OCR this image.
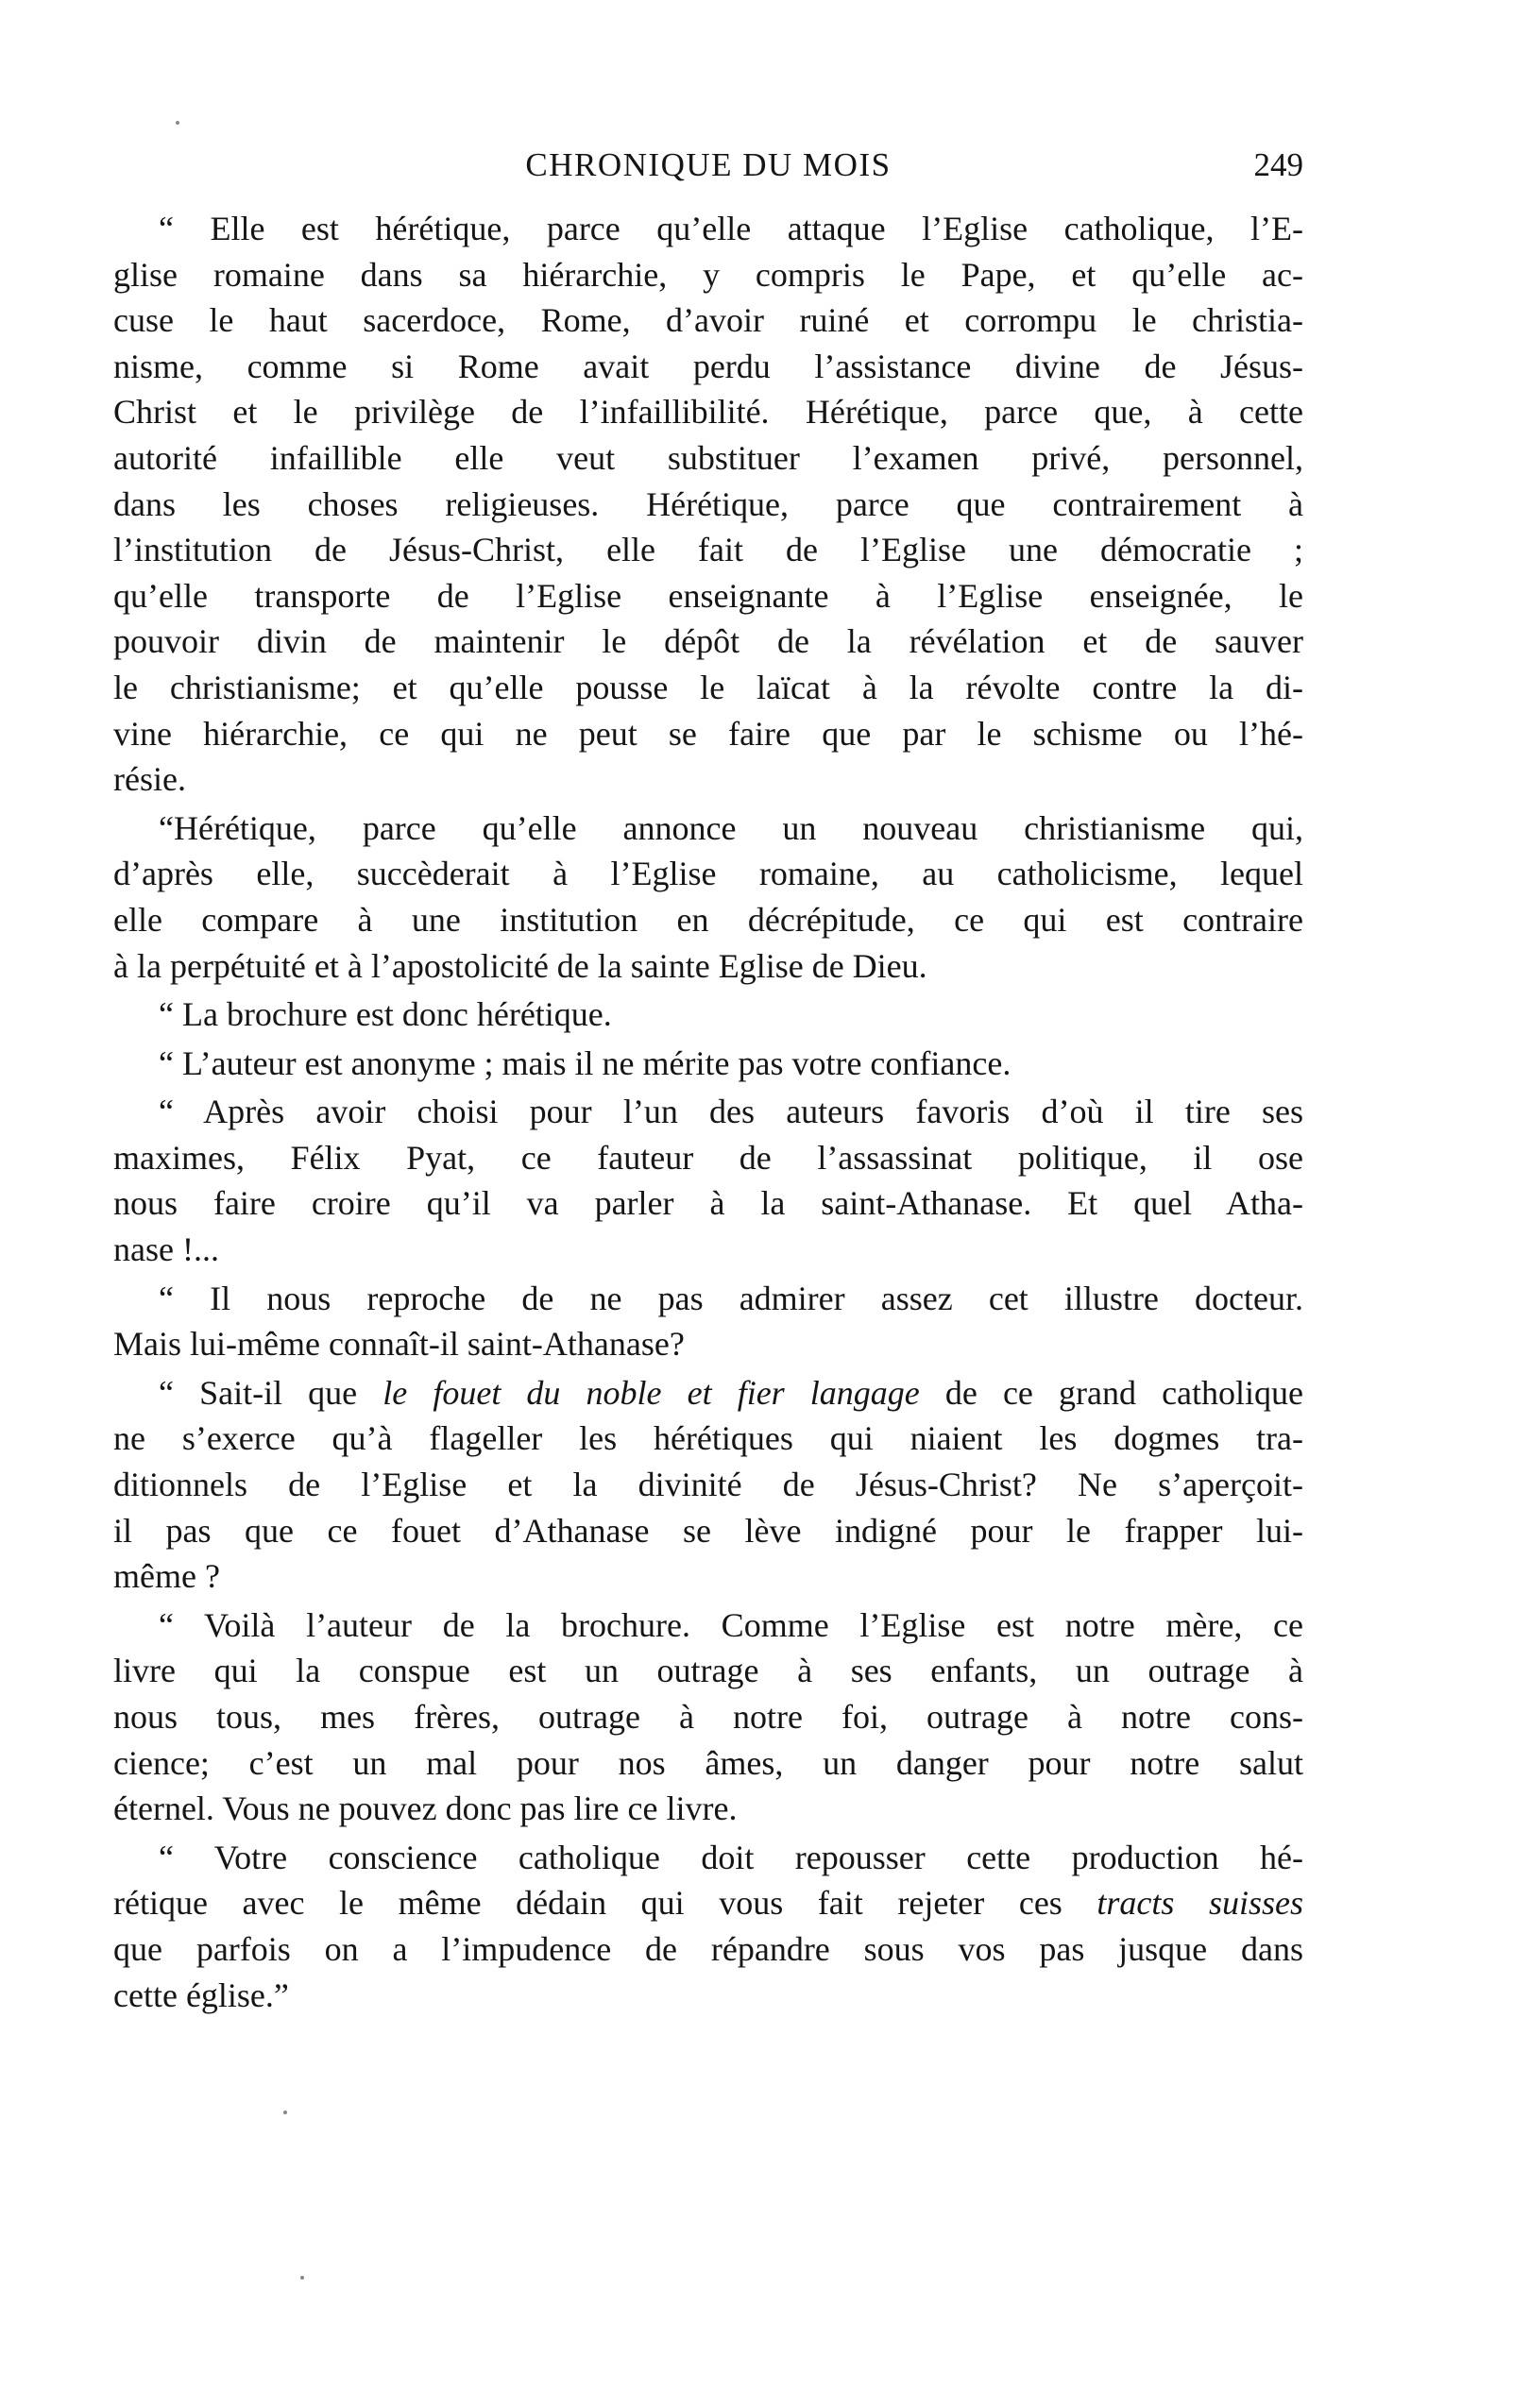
CHRONIQUE DU MOIS	249

“ Elle est hérétique, parce qu’elle attaque l’Eglise catholique, l’E-
glise romaine dans sa hiérarchie, y compris le Pape, et qu’elle ac-
cuse le haut sacerdoce, Rome, d’avoir ruiné et corrompu le christia-
nisme, comme si Rome avait perdu l’assistance divine de Jésus-
Christ et le privilège de l’infaillibilité. Hérétique, parce que, à cette
autorité infaillible elle veut substituer l’examen privé, personnel,
dans les choses religieuses. Hérétique, parce que contrairement à
l’institution de Jésus-Christ, elle fait de l’Eglise une démocratie ;
qu’elle transporte de l’Eglise enseignante à l’Eglise enseignée, le
pouvoir divin de maintenir le dépôt de la révélation et de sauver
le christianisme; et qu’elle pousse le laïcat à la révolte contre la di-
vine hiérarchie, ce qui ne peut se faire que par le schisme ou l’hé-
résie.

“Hérétique, parce qu’elle annonce un nouveau christianisme qui,
d’après elle, succèderait à l’Eglise romaine, au catholicisme, lequel
elle compare à une institution en décrépitude, ce qui est contraire
à la perpétuité et à l’apostolicité de la sainte Eglise de Dieu.

“ La brochure est donc hérétique.

“ L’auteur est anonyme ; mais il ne mérite pas votre confiance.

“ Après avoir choisi pour l’un des auteurs favoris d’où il tire ses
maximes, Félix Pyat, ce fauteur de l’assassinat politique, il ose
nous faire croire qu’il va parler à la saint-Athanase. Et quel Atha-
nase !...

“ Il nous reproche de ne pas admirer assez cet illustre docteur.
Mais lui-même connaît-il saint-Athanase?

“ Sait-il que le fouet du noble et fier langage de ce grand catholique
ne s’exerce qu’à flageller les hérétiques qui niaient les dogmes tra-
ditionnels de l’Eglise et la divinité de Jésus-Christ? Ne s’aperçoit-
il pas que ce fouet d’Athanase se lève indigné pour le frapper lui-
même ?

“ Voilà l’auteur de la brochure. Comme l’Eglise est notre mère, ce
livre qui la conspue est un outrage à ses enfants, un outrage à
nous tous, mes frères, outrage à notre foi, outrage à notre cons-
cience; c’est un mal pour nos âmes, un danger pour notre salut
éternel. Vous ne pouvez donc pas lire ce livre.

“ Votre conscience catholique doit repousser cette production hé-
rétique avec le même dédain qui vous fait rejeter ces tracts suisses
que parfois on a l’impudence de répandre sous vos pas jusque dans
cette église.”
